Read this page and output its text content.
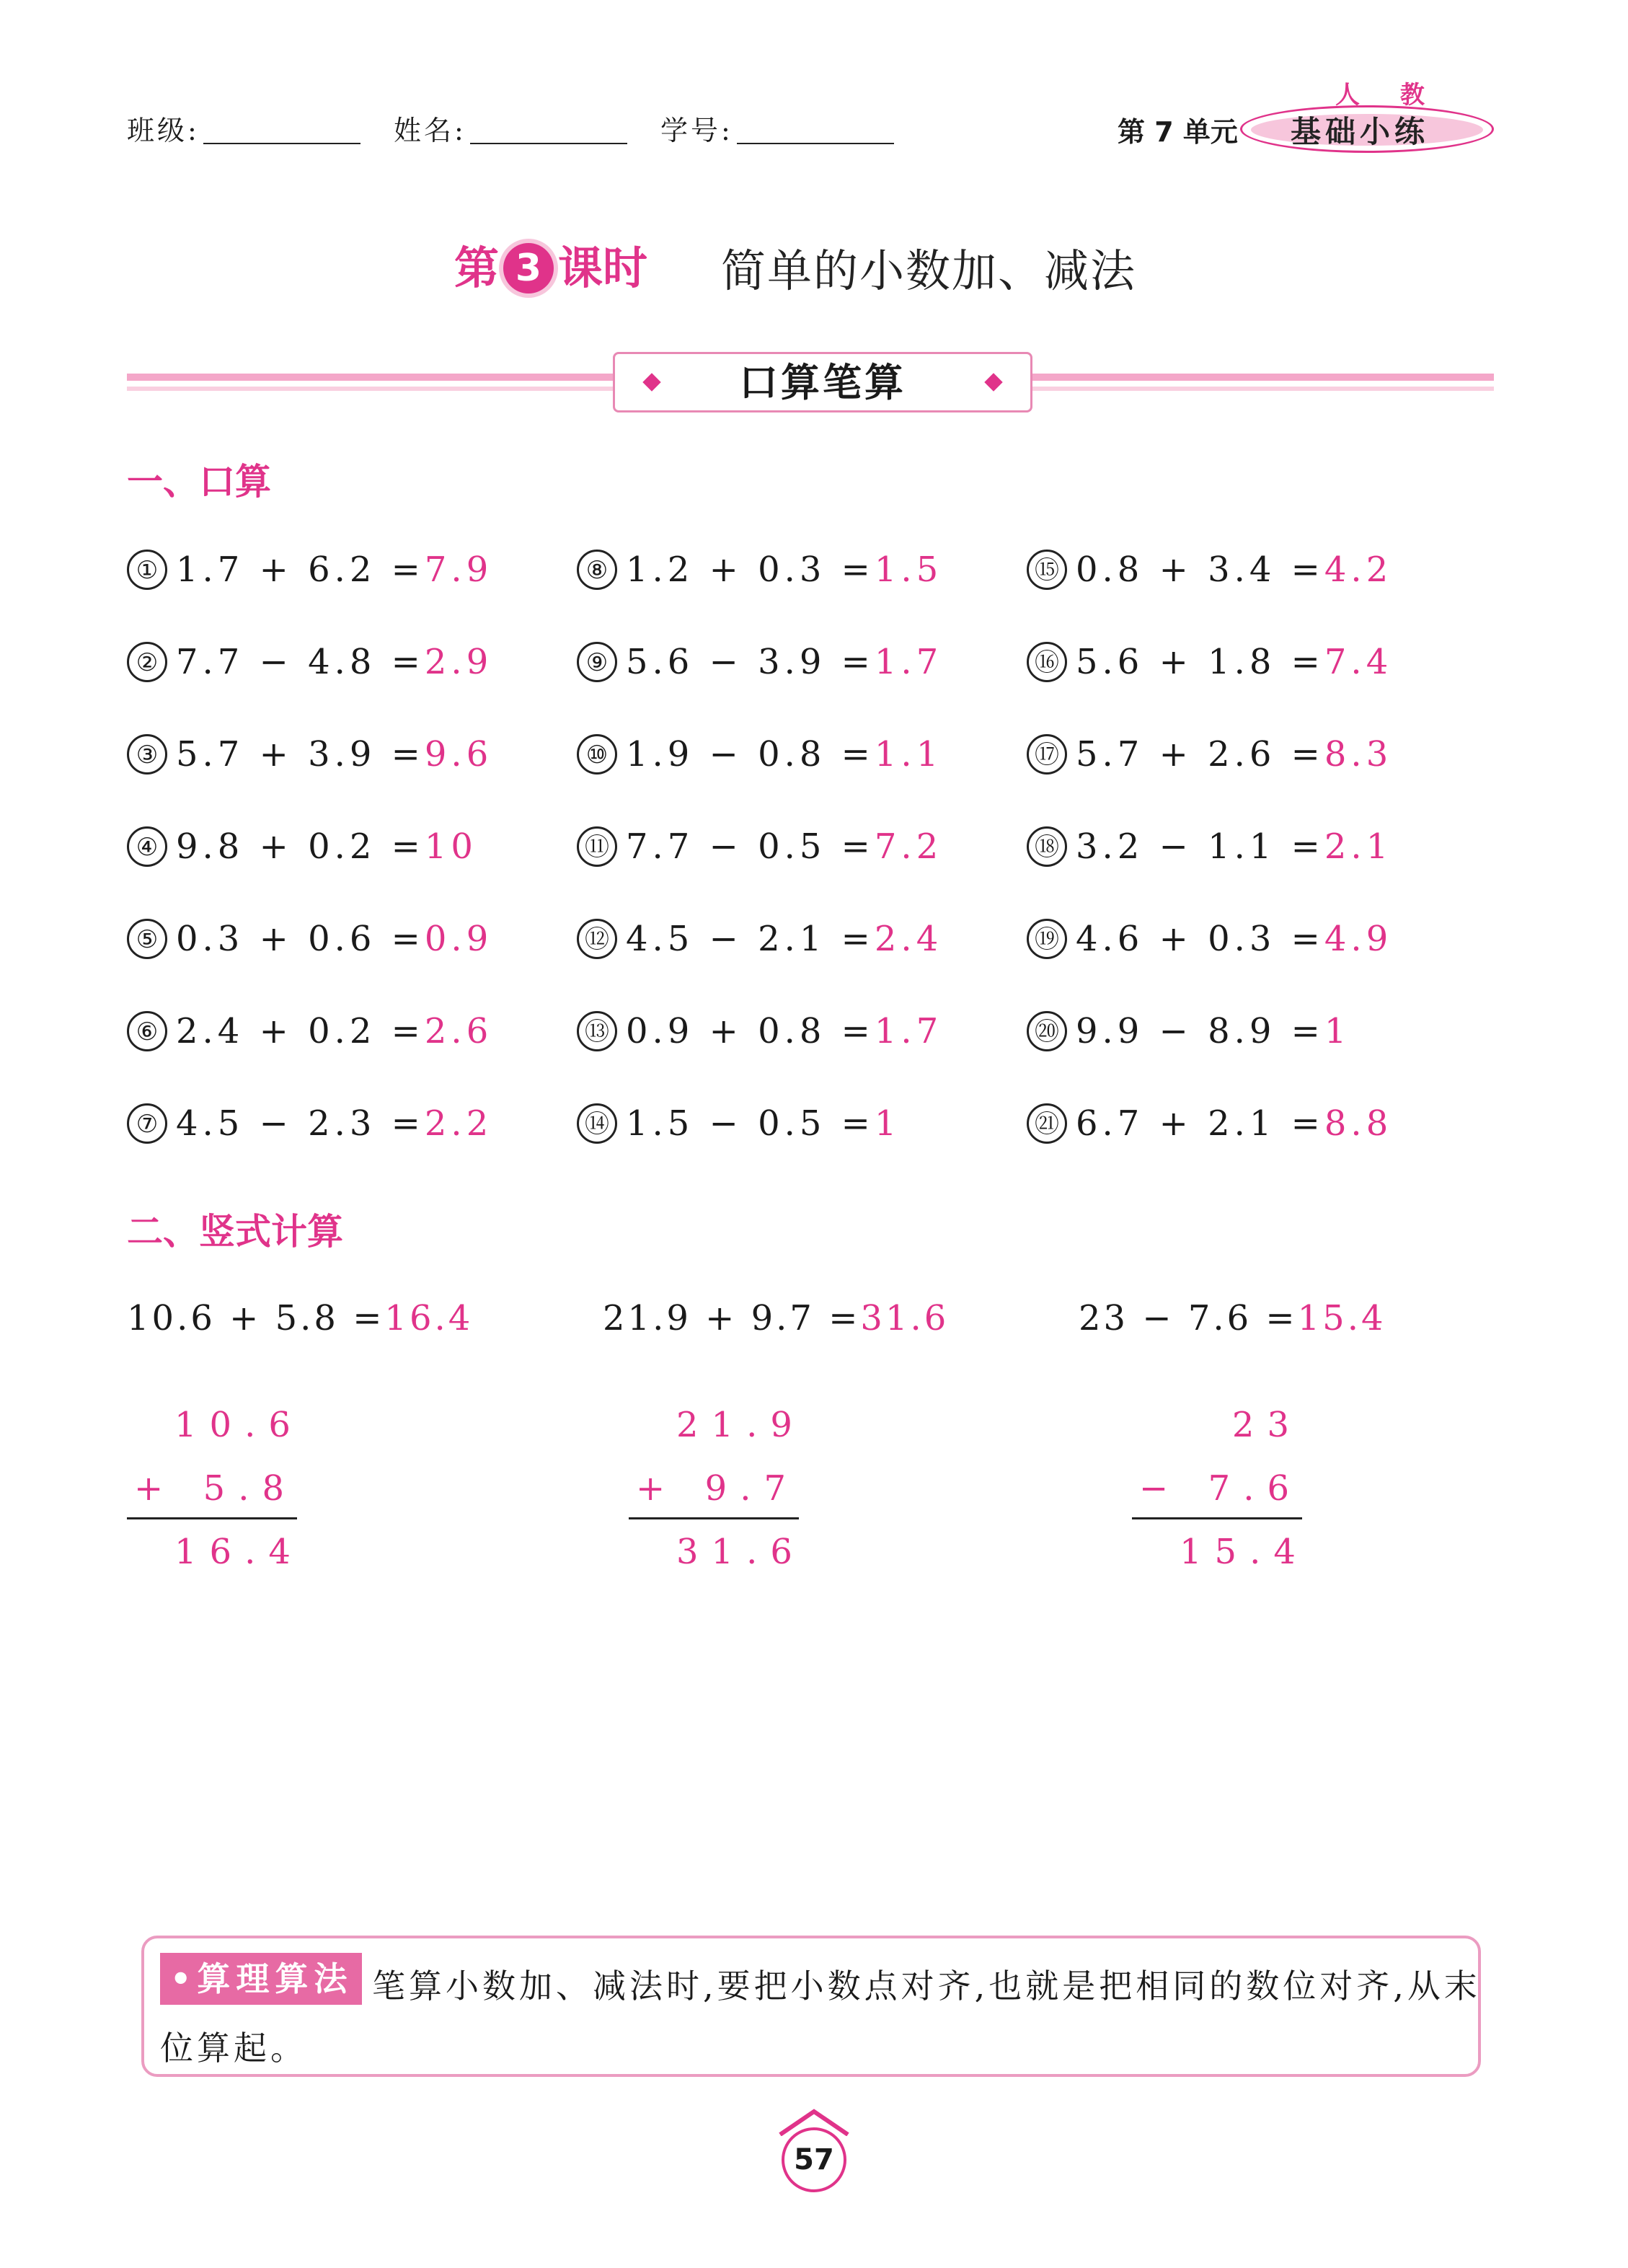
班级:	姓名:	学号:	第 7 单元
人 教
基础小练
第 3 课时 简单的小数加、减法
口算笔算
一、口算
① 1.7 + 6.2 =7.9
② 7.7 − 4.8 =2.9
③ 5.7 + 3.9 =9.6
④ 9.8 + 0.2 =10
⑤ 0.3 + 0.6 =0.9
⑥ 2.4 + 0.2 =2.6
⑦ 4.5 − 2.3 =2.2
⑧ 1.2 + 0.3 =1.5
⑨ 5.6 − 3.9 =1.7
⑩ 1.9 − 0.8 =1.1
⑪ 7.7 − 0.5 =7.2
⑫ 4.5 − 2.1 =2.4
⑬ 0.9 + 0.8 =1.7
⑭ 1.5 − 0.5 =1
⑮ 0.8 + 3.4 =4.2
⑯ 5.6 + 1.8 =7.4
⑰ 5.7 + 2.6 =8.3
⑱ 3.2 − 1.1 =2.1
⑲ 4.6 + 0.3 =4.9
⑳ 9.9 − 8.9 =1
㉑ 6.7 + 2.1 =8.8
二、竖式计算
10.6 + 5.8 =16.4
10.6
+ 5.8
16.4
21.9 + 9.7 =31.6
21.9
+ 9.7
31.6
23 − 7.6 =15.4
23
− 7.6
15.4
•算理算法 笔算小数加、减法时,要把小数点对齐,也就是把相同的数位对齐,从末
位算起。
57
